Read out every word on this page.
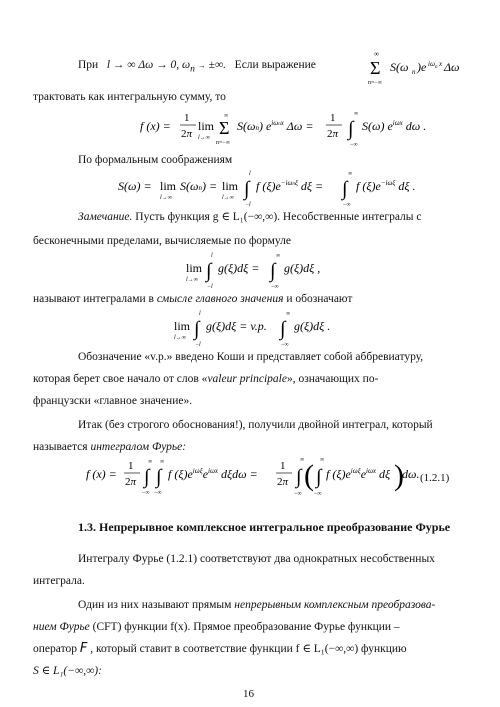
При l → ∞ Δω → 0, $\omega_n$ → ±∞. Если выражение
∞
Σ
n=−∞
S(ω n )e iω n x Δω
трактовать как интегральную сумму, то
f (x) =
1
2π
lim
l→∞
∞
Σ
n=−∞
S(ωn) $e^{i\omega}nx$ Δω =
1
2π
∞
∫
−∞
S(ω) $e^{i\omega x}$ dω .
По формальным соображениям
S(ω) = lim
l→∞
S(ωn) = lim
l→∞
l
∫
−l
f $(\xi)e^{-i\omega}n\xi$ dξ =
∞
∫
−∞
f $(\xi)e^{-i\omega\xi}$ dξ .
Замечание. Пусть функция g ∈ L₁(−∞,∞). Несобственные интегралы с
бесконечными пределами, вычисляемые по формуле
lim
l→∞
l
∫
−l
g(ξ)dξ =
∞
∫
−∞
g(ξ)dξ ,
называют интегралами в смысле главного значения и обозначают
lim
l→∞
l
∫
−l
g(ξ)dξ = v.p.
∞
∫
−∞
g(ξ)dξ .
Обозначение «v.p.» введено Коши и представляет собой аббревиатуру,
которая берет свое начало от слов «valeur principale», означающих по-
французски «главное значение».
Итак (без строгого обоснования!), получили двойной интеграл, который
называется интегралом Фурье:
f (x) =
1
2π
∞
∫
−∞
∞
∫
−∞
f $(\xi)e^{i\omega\xi}e^{i\omega x}$ dξdω =
1
2π
∞
∫
−∞
( ∞
∫
−∞
f $(\xi)e^{i\omega\xi}e^{i\omega x}$ dξ )
dω. (1.2.1)
1.3. Непрерывное комплексное интегральное преобразование Фурье
Интегралу Фурье (1.2.1) соответствуют два однократных несобственных
интеграла.
Один из них называют прямым непрерывным комплексным преобразова-
нием Фурье (CFT) функции f(x). Прямое преобразование Фурье функции –
оператор F , который ставит в соответствие функции f ∈ L₁(−∞,∞) функцию
S ∈ L₁(−∞,∞):
16
